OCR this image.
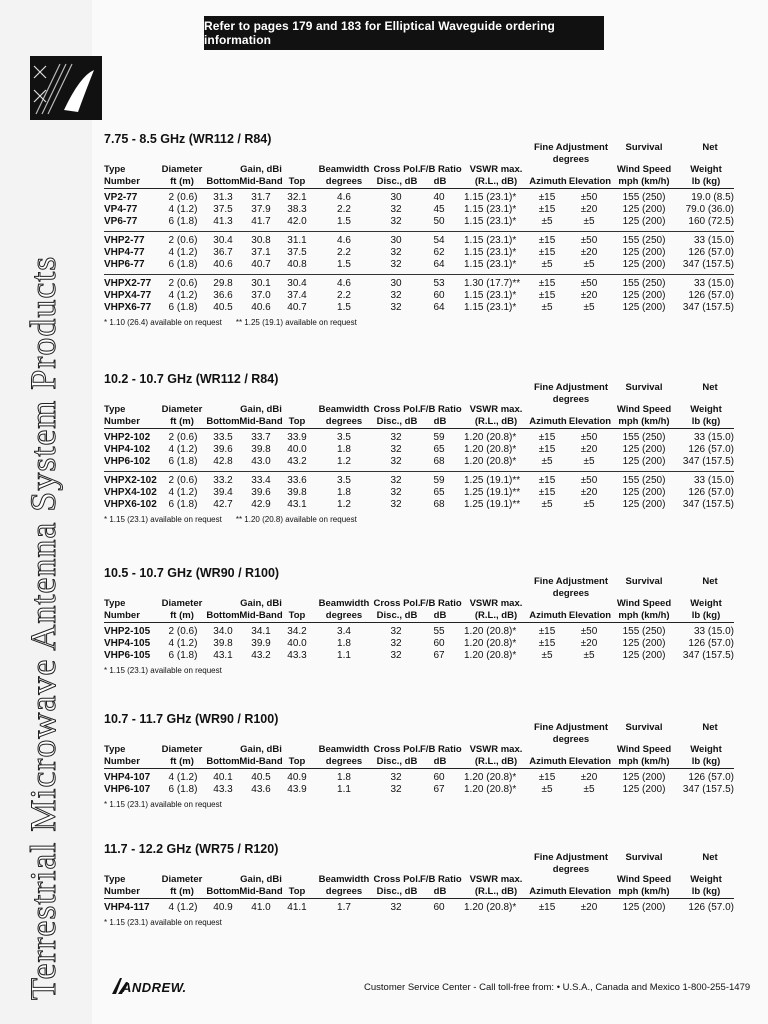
Terrestrial Microwave Antenna System Products
Refer to pages 179 and 183 for Elliptical Waveguide ordering information
7.75 - 8.5 GHz (WR112 / R84)
Fine Adjustment
degrees
Survival	Net
Type
Number
Diameter
ft (m)
	Bottom
Gain, dBi
Mid-Band
Top
Beamwidth
degrees
Cross Pol.
Disc., dB
F/B Ratio
dB
VSWR max.
(R.L., dB)
	Azimuth
Elevation
Wind Speed
mph (km/h)
Weight
lb (kg)
VP2-77	2 (0.6)	31.3	31.7	32.1	4.6	30	40	1.15 (23.1)*	±15	±50	155 (250)	19.0 (8.5)
VP4-77	4 (1.2)	37.5	37.9	38.3	2.2	32	45	1.15 (23.1)*	±15	±20	125 (200)	79.0 (36.0)
VP6-77	6 (1.8)	41.3	41.7	42.0	1.5	32	50	1.15 (23.1)*	±5	±5	125 (200)	160 (72.5)
VHP2-77	2 (0.6)	30.4	30.8	31.1	4.6	30	54	1.15 (23.1)*	±15	±50	155 (250)	33 (15.0)
VHP4-77	4 (1.2)	36.7	37.1	37.5	2.2	32	62	1.15 (23.1)*	±15	±20	125 (200)	126 (57.0)
VHP6-77	6 (1.8)	40.6	40.7	40.8	1.5	32	64	1.15 (23.1)*	±5	±5	125 (200)	347 (157.5)
VHPX2-77	2 (0.6)	29.8	30.1	30.4	4.6	30	53	1.30 (17.7)**	±15	±50	155 (250)	33 (15.0)
VHPX4-77	4 (1.2)	36.6	37.0	37.4	2.2	32	60	1.15 (23.1)*	±15	±20	125 (200)	126 (57.0)
VHPX6-77	6 (1.8)	40.5	40.6	40.7	1.5	32	64	1.15 (23.1)*	±5	±5	125 (200)	347 (157.5)
* 1.10 (26.4) available on request ** 1.25 (19.1) available on request
10.2 - 10.7 GHz (WR112 / R84)
Fine Adjustment
degrees
Survival	Net
Type
Number
Diameter
ft (m)
	Bottom
Gain, dBi
Mid-Band
Top
Beamwidth
degrees
Cross Pol.
Disc., dB
F/B Ratio
dB
VSWR max.
(R.L., dB)
	Azimuth
Elevation
Wind Speed
mph (km/h)
Weight
lb (kg)
VHP2-102	2 (0.6)	33.5	33.7	33.9	3.5	32	59	1.20 (20.8)*	±15	±50	155 (250)	33 (15.0)
VHP4-102	4 (1.2)	39.6	39.8	40.0	1.8	32	65	1.20 (20.8)*	±15	±20	125 (200)	126 (57.0)
VHP6-102	6 (1.8)	42.8	43.0	43.2	1.2	32	68	1.20 (20.8)*	±5	±5	125 (200)	347 (157.5)
VHPX2-102	2 (0.6)	33.2	33.4	33.6	3.5	32	59	1.25 (19.1)**	±15	±50	155 (250)	33 (15.0)
VHPX4-102	4 (1.2)	39.4	39.6	39.8	1.8	32	65	1.25 (19.1)**	±15	±20	125 (200)	126 (57.0)
VHPX6-102	6 (1.8)	42.7	42.9	43.1	1.2	32	68	1.25 (19.1)**	±5	±5	125 (200)	347 (157.5)
* 1.15 (23.1) available on request ** 1.20 (20.8) available on request
10.5 - 10.7 GHz (WR90 / R100)
Fine Adjustment
degrees
Survival	Net
Type
Number
Diameter
ft (m)
	Bottom
Gain, dBi
Mid-Band
Top
Beamwidth
degrees
Cross Pol.
Disc., dB
F/B Ratio
dB
VSWR max.
(R.L., dB)
	Azimuth
Elevation
Wind Speed
mph (km/h)
Weight
lb (kg)
VHP2-105	2 (0.6)	34.0	34.1	34.2	3.4	32	55	1.20 (20.8)*	±15	±50	155 (250)	33 (15.0)
VHP4-105	4 (1.2)	39.8	39.9	40.0	1.8	32	60	1.20 (20.8)*	±15	±20	125 (200)	126 (57.0)
VHP6-105	6 (1.8)	43.1	43.2	43.3	1.1	32	67	1.20 (20.8)*	±5	±5	125 (200)	347 (157.5)
* 1.15 (23.1) available on request
10.7 - 11.7 GHz (WR90 / R100)
Fine Adjustment
degrees
Survival	Net
Type
Number
Diameter
ft (m)
	Bottom
Gain, dBi
Mid-Band
Top
Beamwidth
degrees
Cross Pol.
Disc., dB
F/B Ratio
dB
VSWR max.
(R.L., dB)
	Azimuth
Elevation
Wind Speed
mph (km/h)
Weight
lb (kg)
VHP4-107	4 (1.2)	40.1	40.5	40.9	1.8	32	60	1.20 (20.8)*	±15	±20	125 (200)	126 (57.0)
VHP6-107	6 (1.8)	43.3	43.6	43.9	1.1	32	67	1.20 (20.8)*	±5	±5	125 (200)	347 (157.5)
* 1.15 (23.1) available on request
11.7 - 12.2 GHz (WR75 / R120)
Fine Adjustment
degrees
Survival	Net
Type
Number
Diameter
ft (m)
	Bottom
Gain, dBi
Mid-Band
Top
Beamwidth
degrees
Cross Pol.
Disc., dB
F/B Ratio
dB
VSWR max.
(R.L., dB)
	Azimuth
Elevation
Wind Speed
mph (km/h)
Weight
lb (kg)
VHP4-117	4 (1.2)	40.9	41.0	41.1	1.7	32	60	1.20 (20.8)*	±15	±20	125 (200)	126 (57.0)
* 1.15 (23.1) available on request
ANDREW.	Customer Service Center - Call toll-free from: • U.S.A., Canada and Mexico 1-800-255-1479
